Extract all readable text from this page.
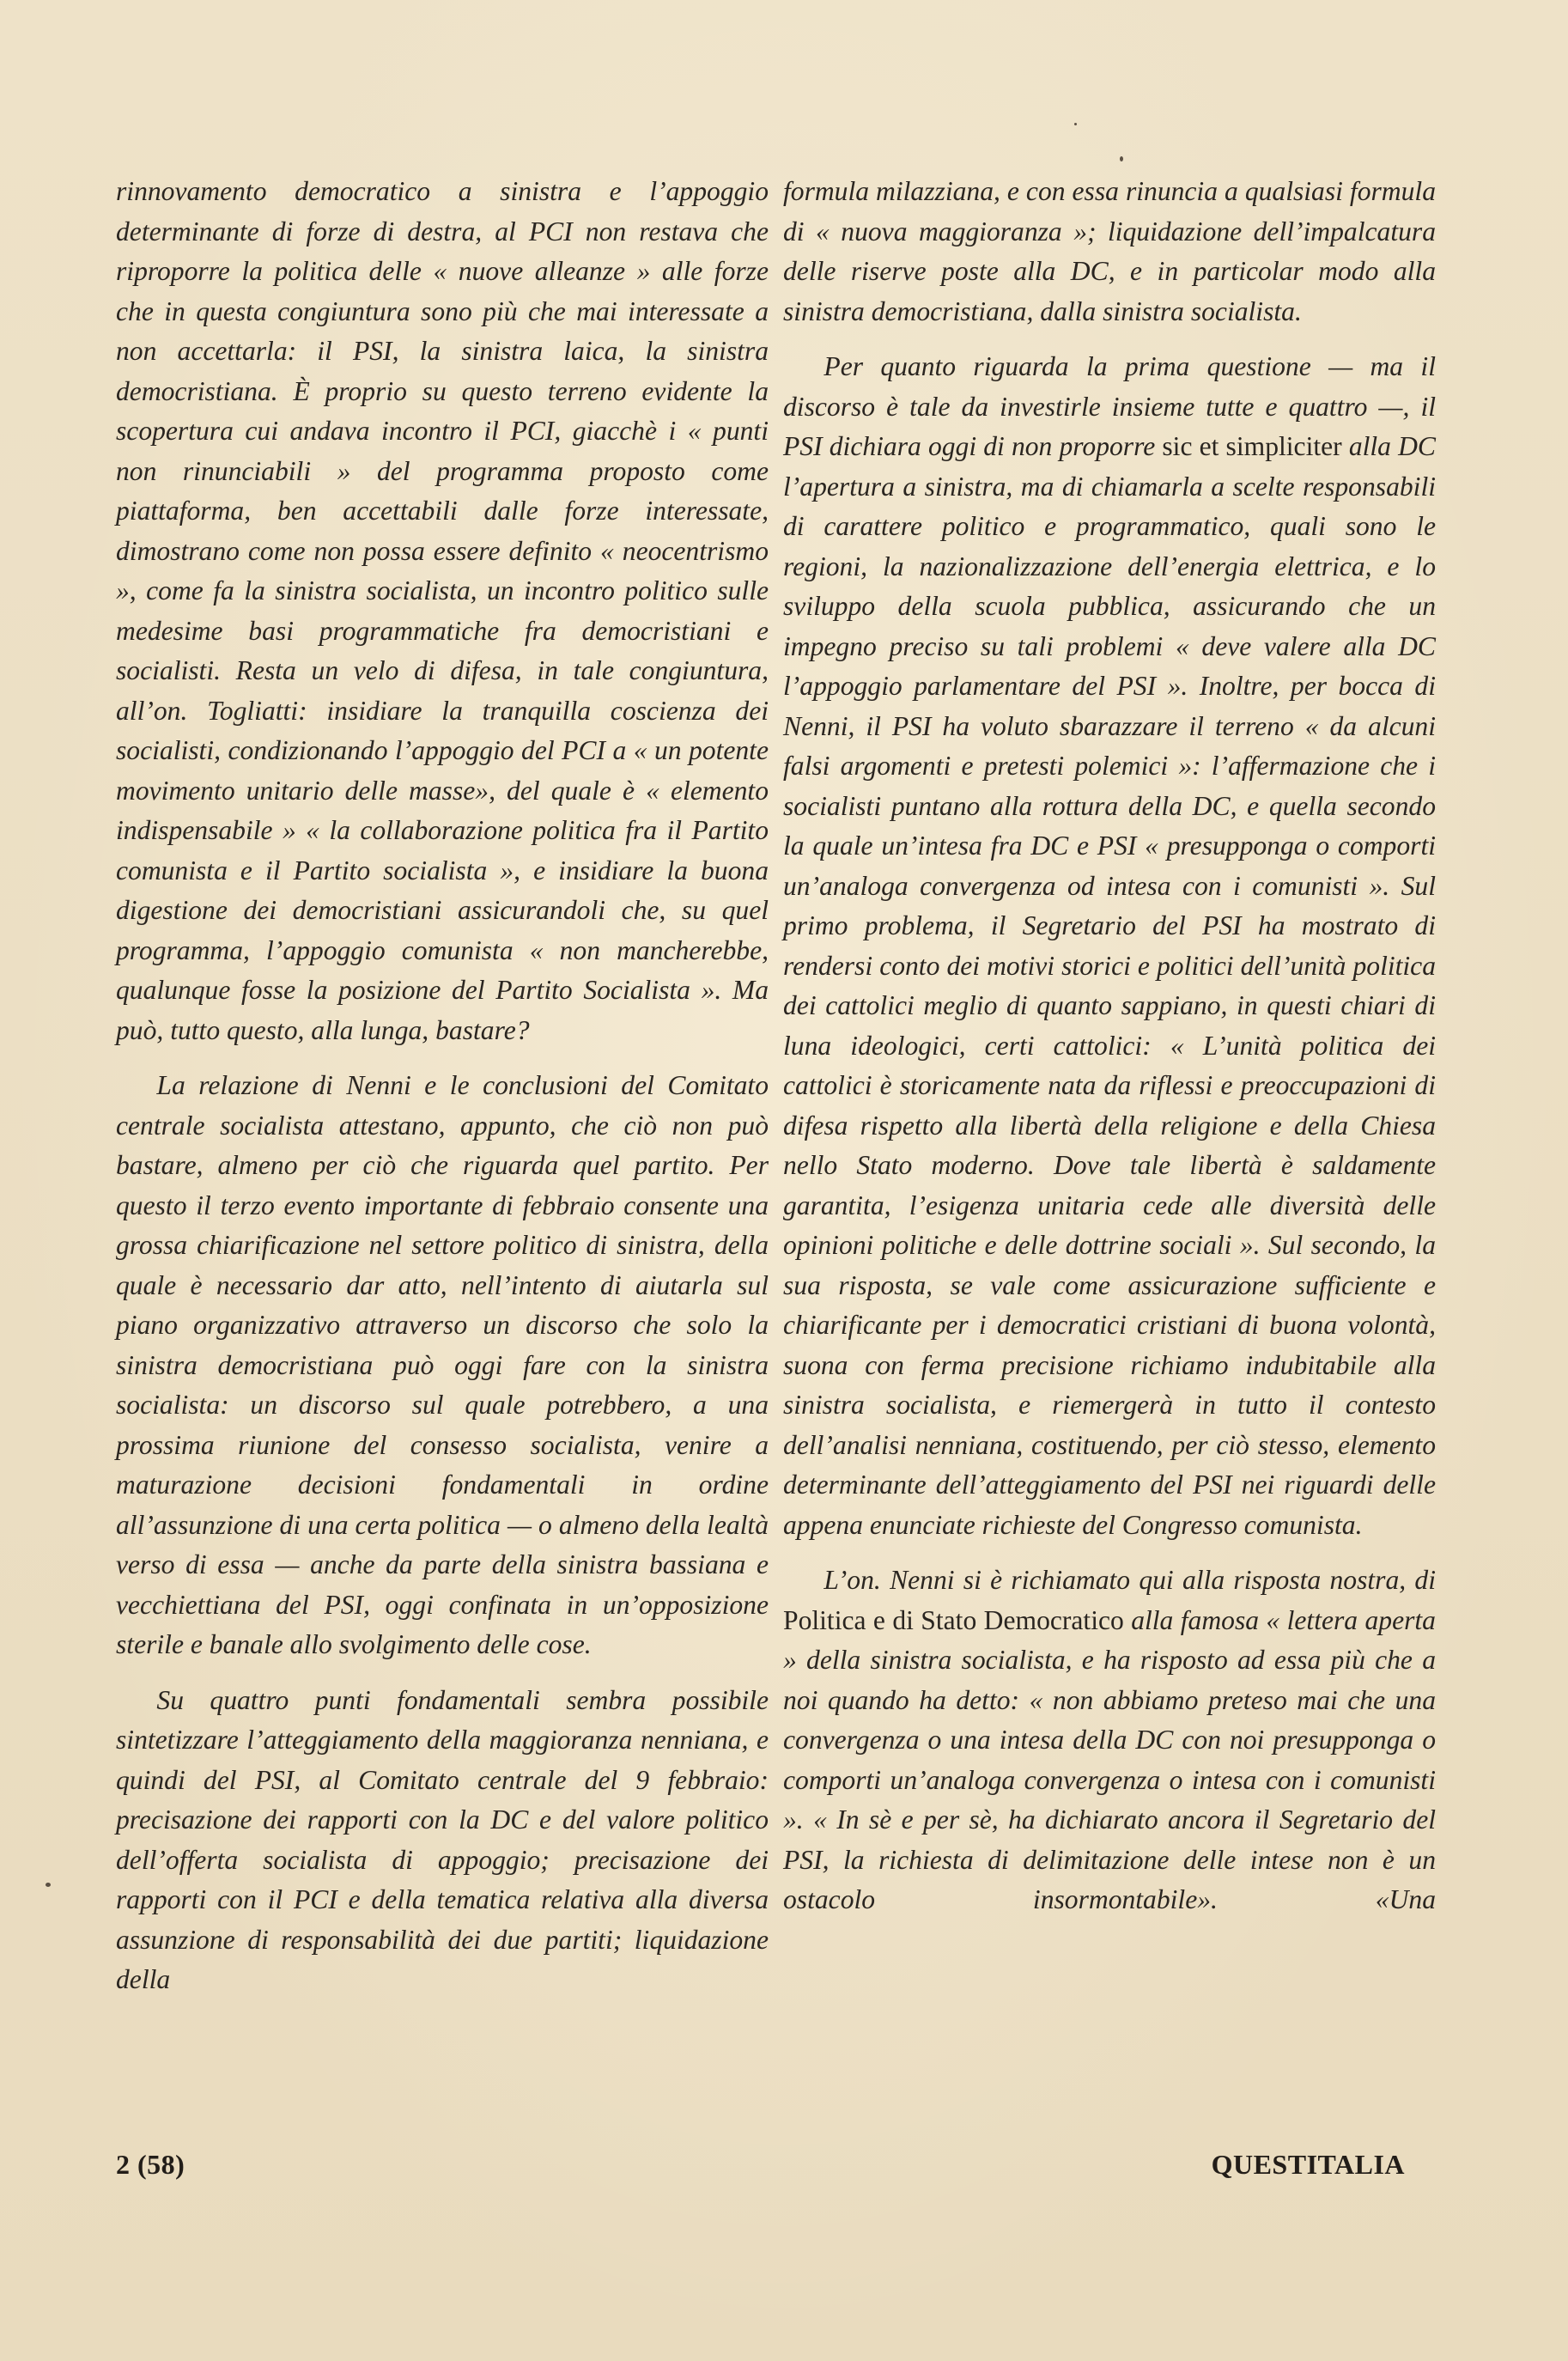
rinnovamento democratico a sinistra e l’appoggio determinante di forze di destra, al PCI non restava che riproporre la politica delle « nuove alleanze » alle forze che in questa congiuntura sono più che mai interessate a non accettarla: il PSI, la sinistra laica, la sinistra democristiana. È proprio su questo terreno evidente la scopertura cui andava incontro il PCI, giacchè i « punti non rinunciabili » del programma proposto come piattaforma, ben accettabili dalle forze interessate, dimostrano come non possa essere definito « neocentrismo », come fa la sinistra socialista, un incontro politico sulle medesime basi programmatiche fra democristiani e socialisti. Resta un velo di difesa, in tale congiuntura, all’on. Togliatti: insidiare la tranquilla coscienza dei socialisti, condizionando l’appoggio del PCI a « un potente movimento unitario delle masse», del quale è « elemento indispensabile » « la collaborazione politica fra il Partito comunista e il Partito socialista », e insidiare la buona digestione dei democristiani assicurandoli che, su quel programma, l’appoggio comunista « non mancherebbe, qualunque fosse la posizione del Partito Socialista ». Ma può, tutto questo, alla lunga, bastare?

La relazione di Nenni e le conclusioni del Comitato centrale socialista attestano, appunto, che ciò non può bastare, almeno per ciò che riguarda quel partito. Per questo il terzo evento importante di febbraio consente una grossa chiarificazione nel settore politico di sinistra, della quale è necessario dar atto, nell’intento di aiutarla sul piano organizzativo attraverso un discorso che solo la sinistra democristiana può oggi fare con la sinistra socialista: un discorso sul quale potrebbero, a una prossima riunione del consesso socialista, venire a maturazione decisioni fondamentali in ordine all’assunzione di una certa politica — o almeno della lealtà verso di essa — anche da parte della sinistra bassiana e vecchiettiana del PSI, oggi confinata in un’opposizione sterile e banale allo svolgimento delle cose.

Su quattro punti fondamentali sembra possibile sintetizzare l’atteggiamento della maggioranza nenniana, e quindi del PSI, al Comitato centrale del 9 febbraio: precisazione dei rapporti con la DC e del valore politico dell’offerta socialista di appoggio; precisazione dei rapporti con il PCI e della tematica relativa alla diversa assunzione di responsabilità dei due partiti; liquidazione della

formula milazziana, e con essa rinuncia a qualsiasi formula di « nuova maggioranza »; liquidazione dell’impalcatura delle riserve poste alla DC, e in particolar modo alla sinistra democristiana, dalla sinistra socialista.

Per quanto riguarda la prima questione — ma il discorso è tale da investirle insieme tutte e quattro —, il PSI dichiara oggi di non proporre sic et simpliciter alla DC l’apertura a sinistra, ma di chiamarla a scelte responsabili di carattere politico e programmatico, quali sono le regioni, la nazionalizzazione dell’energia elettrica, e lo sviluppo della scuola pubblica, assicurando che un impegno preciso su tali problemi « deve valere alla DC l’appoggio parlamentare del PSI ». Inoltre, per bocca di Nenni, il PSI ha voluto sbarazzare il terreno « da alcuni falsi argomenti e pretesti polemici »: l’affermazione che i socialisti puntano alla rottura della DC, e quella secondo la quale un’intesa fra DC e PSI « presupponga o comporti un’analoga convergenza od intesa con i comunisti ». Sul primo problema, il Segretario del PSI ha mostrato di rendersi conto dei motivi storici e politici dell’unità politica dei cattolici meglio di quanto sappiano, in questi chiari di luna ideologici, certi cattolici: « L’unità politica dei cattolici è storicamente nata da riflessi e preoccupazioni di difesa rispetto alla libertà della religione e della Chiesa nello Stato moderno. Dove tale libertà è saldamente garantita, l’esigenza unitaria cede alle diversità delle opinioni politiche e delle dottrine sociali ». Sul secondo, la sua risposta, se vale come assicurazione sufficiente e chiarificante per i democratici cristiani di buona volontà, suona con ferma precisione richiamo indubitabile alla sinistra socialista, e riemergerà in tutto il contesto dell’analisi nenniana, costituendo, per ciò stesso, elemento determinante dell’atteggiamento del PSI nei riguardi delle appena enunciate richieste del Congresso comunista.

L’on. Nenni si è richiamato qui alla risposta nostra, di Politica e di Stato Democratico alla famosa « lettera aperta » della sinistra socialista, e ha risposto ad essa più che a noi quando ha detto: « non abbiamo preteso mai che una convergenza o una intesa della DC con noi presupponga o comporti un’analoga convergenza o intesa con i comunisti ». « In sè e per sè, ha dichiarato ancora il Segretario del PSI, la richiesta di delimitazione delle intese non è un ostacolo insormontabile». «Una

2 (58)	QUESTITALIA
